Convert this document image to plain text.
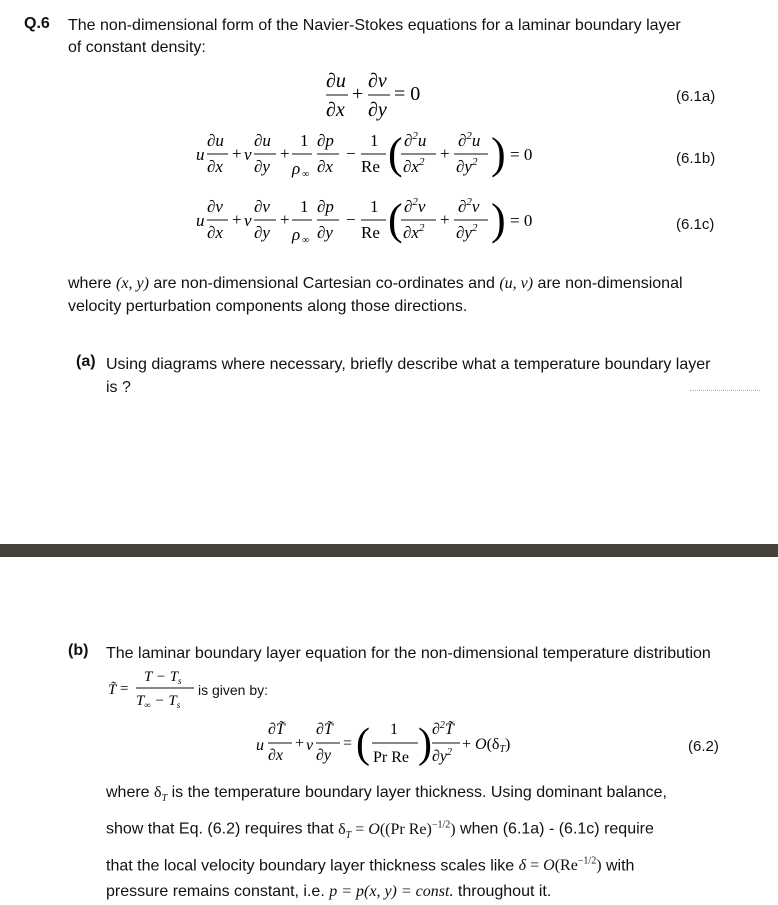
Q.6 The non-dimensional form of the Navier-Stokes equations for a laminar boundary layer
of constant density:
∂u
∂x
+
∂v
∂y
= 0	(6.1a)
u
∂u
∂x
+ v
∂u
∂y
+
1
ρ ∞
∂p
∂x
−
1
Re ( ∂$^2$u
$\partial x^2$ +
∂$^2$u
$\partial y^2$ ) = 0	(6.1b)
u
∂v
∂x
+ v
∂v
∂y
+
1
ρ ∞
∂p
∂y
−
1
Re ( ∂$^2$v
$\partial x^2$ +
∂$^2$v
$\partial y^2$ ) = 0	(6.1c)
where (x, y) are non-dimensional Cartesian co-ordinates and (u, v) are non-dimensional
velocity perturbation components along those directions.
(a) Using diagrams where necessary, briefly describe what a temperature boundary layer
is ?
(b) The laminar boundary layer equation for the non-dimensional temperature distribution
T̃ =
$T - T_s$
$T_\infty - T_s$
is given by:
u
∂T̃
∂x
+ v
∂T̃
∂y
= ( 1
Pr Re ) ∂$^2$T̃
$\partial y^2 + O(\delta T)$	(6.2)
where $\delta_T$ is the temperature boundary layer thickness. Using dominant balance,
show that Eq. (6.2) requires that $\delta_T = O((Pr$ Re)$^{-1/2}$) when (6.1a) - (6.1c) require
that the local velocity boundary layer thickness scales like $\delta = O(Re^{-1/2})$ with
pressure remains constant, i.e. p = p(x, y) = const. throughout it.
